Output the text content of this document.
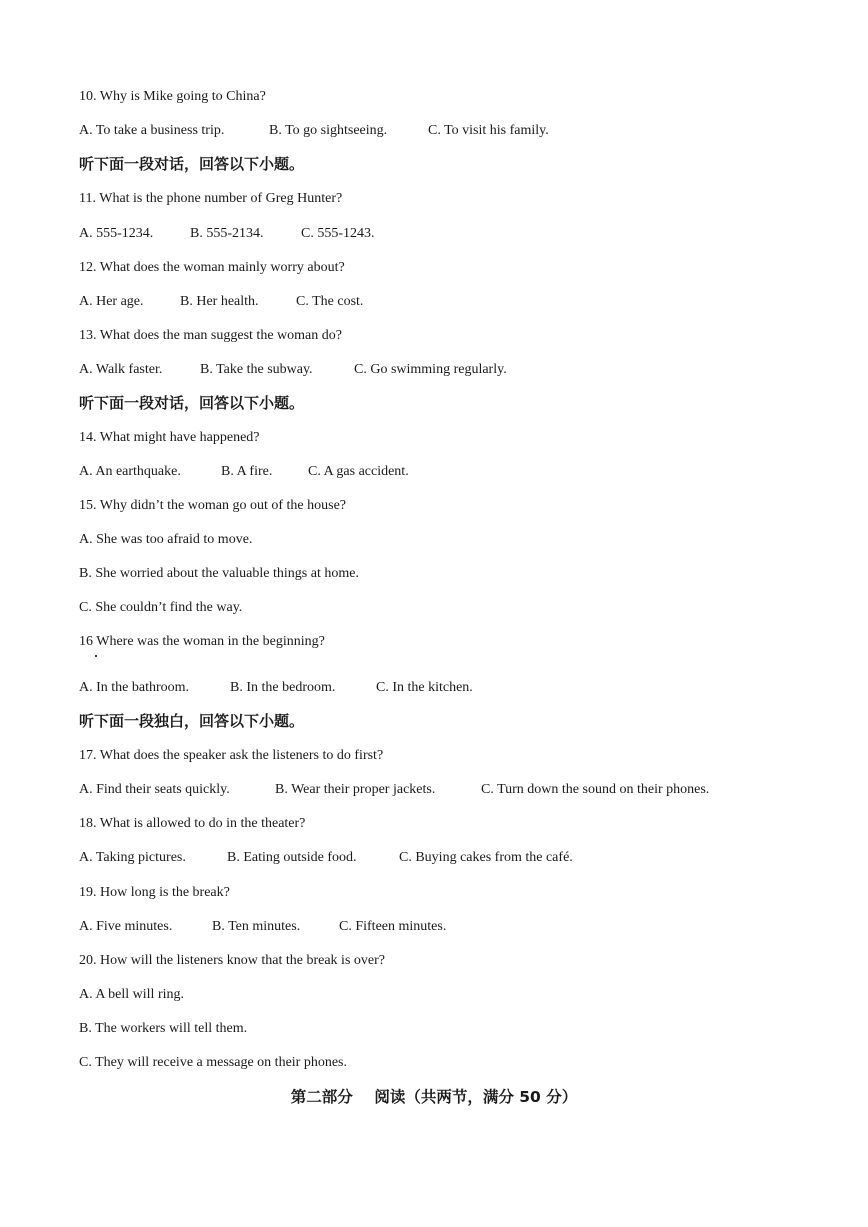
10. Why is Mike going to China?
A. To take a business trip.	B. To go sightseeing.	C. To visit his family.
听下面一段对话，回答以下小题。
11. What is the phone number of Greg Hunter?
A. 555-1234.	B. 555-2134.	C. 555-1243.
12. What does the woman mainly worry about?
A. Her age.	B. Her health.	C. The cost.
13. What does the man suggest the woman do?
A. Walk faster.	B. Take the subway.	C. Go swimming regularly.
听下面一段对话，回答以下小题。
14. What might have happened?
A. An earthquake.	B. A fire.	C. A gas accident.
15. Why didn’t the woman go out of the house?
A. She was too afraid to move.
B. She worried about the valuable things at home.
C. She couldn’t find the way.
16 Where was the woman in the beginning?
A. In the bathroom.	B. In the bedroom.	C. In the kitchen.
听下面一段独白，回答以下小题。
17. What does the speaker ask the listeners to do first?
A. Find their seats quickly.	B. Wear their proper jackets.	C. Turn down the sound on their phones.
18. What is allowed to do in the theater?
A. Taking pictures.	B. Eating outside food.	C. Buying cakes from the café.
19. How long is the break?
A. Five minutes.	B. Ten minutes.	C. Fifteen minutes.
20. How will the listeners know that the break is over?
A. A bell will ring.
B. The workers will tell them.
C. They will receive a message on their phones.
第二部分    阅读（共两节，满分 50 分）
